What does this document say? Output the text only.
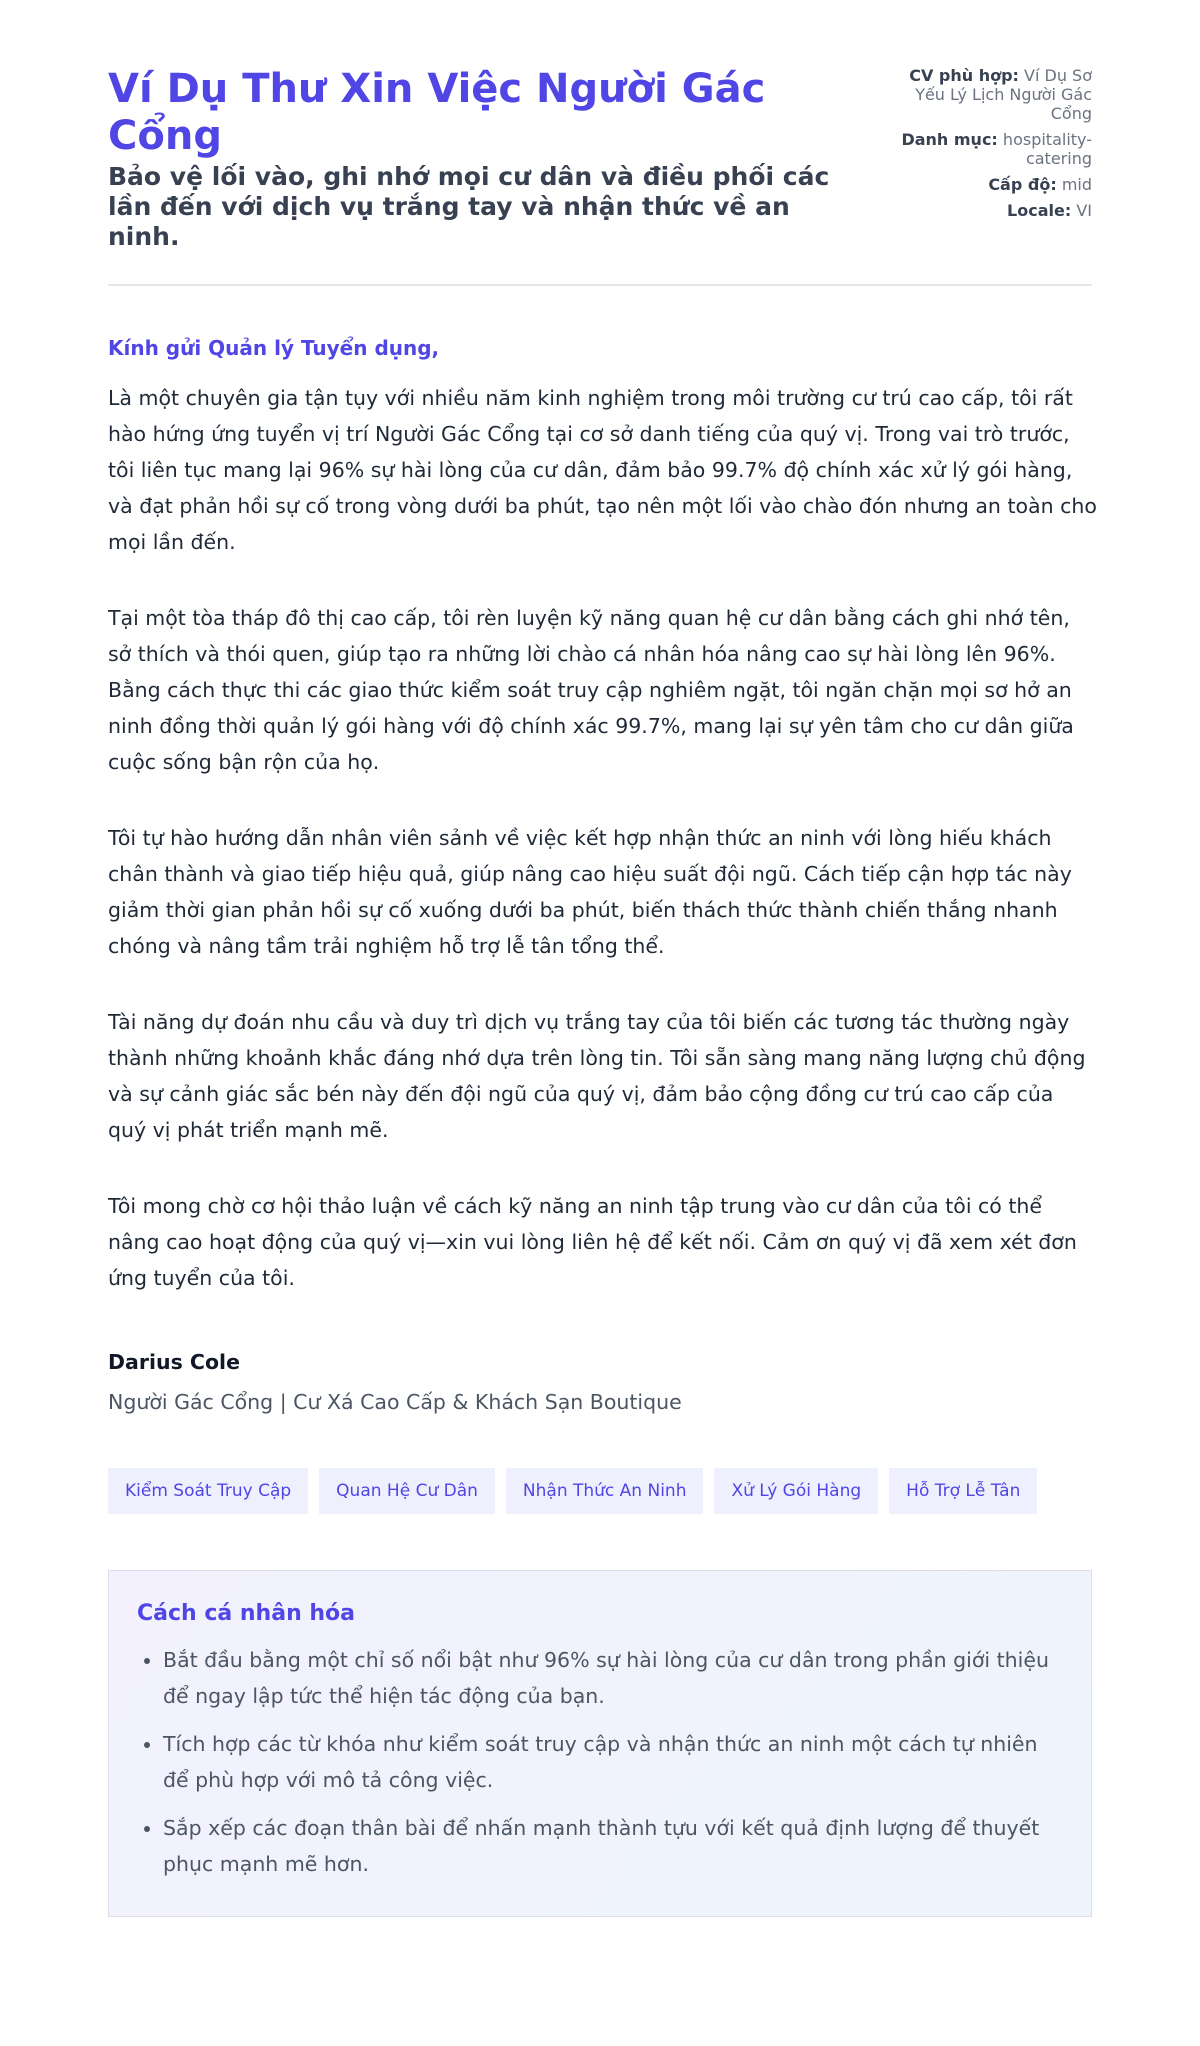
Ví Dụ Thư Xin Việc Người Gác Cổng
Bảo vệ lối vào, ghi nhớ mọi cư dân và điều phối các lần đến với dịch vụ trắng tay và nhận thức về an ninh.
CV phù hợp: Ví Dụ Sơ Yếu Lý Lịch Người Gác Cổng
Danh mục: hospitality-catering
Cấp độ: mid
Locale: VI
Kính gửi Quản lý Tuyển dụng,

Là một chuyên gia tận tụy với nhiều năm kinh nghiệm trong môi trường cư trú cao cấp, tôi rất hào hứng ứng tuyển vị trí Người Gác Cổng tại cơ sở danh tiếng của quý vị. Trong vai trò trước, tôi liên tục mang lại 96% sự hài lòng của cư dân, đảm bảo 99.7% độ chính xác xử lý gói hàng, và đạt phản hồi sự cố trong vòng dưới ba phút, tạo nên một lối vào chào đón nhưng an toàn cho mọi lần đến.

Tại một tòa tháp đô thị cao cấp, tôi rèn luyện kỹ năng quan hệ cư dân bằng cách ghi nhớ tên, sở thích và thói quen, giúp tạo ra những lời chào cá nhân hóa nâng cao sự hài lòng lên 96%. Bằng cách thực thi các giao thức kiểm soát truy cập nghiêm ngặt, tôi ngăn chặn mọi sơ hở an ninh đồng thời quản lý gói hàng với độ chính xác 99.7%, mang lại sự yên tâm cho cư dân giữa cuộc sống bận rộn của họ.

Tôi tự hào hướng dẫn nhân viên sảnh về việc kết hợp nhận thức an ninh với lòng hiếu khách chân thành và giao tiếp hiệu quả, giúp nâng cao hiệu suất đội ngũ. Cách tiếp cận hợp tác này giảm thời gian phản hồi sự cố xuống dưới ba phút, biến thách thức thành chiến thắng nhanh chóng và nâng tầm trải nghiệm hỗ trợ lễ tân tổng thể.

Tài năng dự đoán nhu cầu và duy trì dịch vụ trắng tay của tôi biến các tương tác thường ngày thành những khoảnh khắc đáng nhớ dựa trên lòng tin. Tôi sẵn sàng mang năng lượng chủ động và sự cảnh giác sắc bén này đến đội ngũ của quý vị, đảm bảo cộng đồng cư trú cao cấp của quý vị phát triển mạnh mẽ.

Tôi mong chờ cơ hội thảo luận về cách kỹ năng an ninh tập trung vào cư dân của tôi có thể nâng cao hoạt động của quý vị—xin vui lòng liên hệ để kết nối. Cảm ơn quý vị đã xem xét đơn ứng tuyển của tôi.

Darius Cole
Người Gác Cổng | Cư Xá Cao Cấp & Khách Sạn Boutique
Kiểm Soát Truy Cập	Quan Hệ Cư Dân	Nhận Thức An Ninh	Xử Lý Gói Hàng	Hỗ Trợ Lễ Tân
Cách cá nhân hóa
• Bắt đầu bằng một chỉ số nổi bật như 96% sự hài lòng của cư dân trong phần giới thiệu để ngay lập tức thể hiện tác động của bạn.
• Tích hợp các từ khóa như kiểm soát truy cập và nhận thức an ninh một cách tự nhiên để phù hợp với mô tả công việc.
• Sắp xếp các đoạn thân bài để nhấn mạnh thành tựu với kết quả định lượng để thuyết phục mạnh mẽ hơn.
